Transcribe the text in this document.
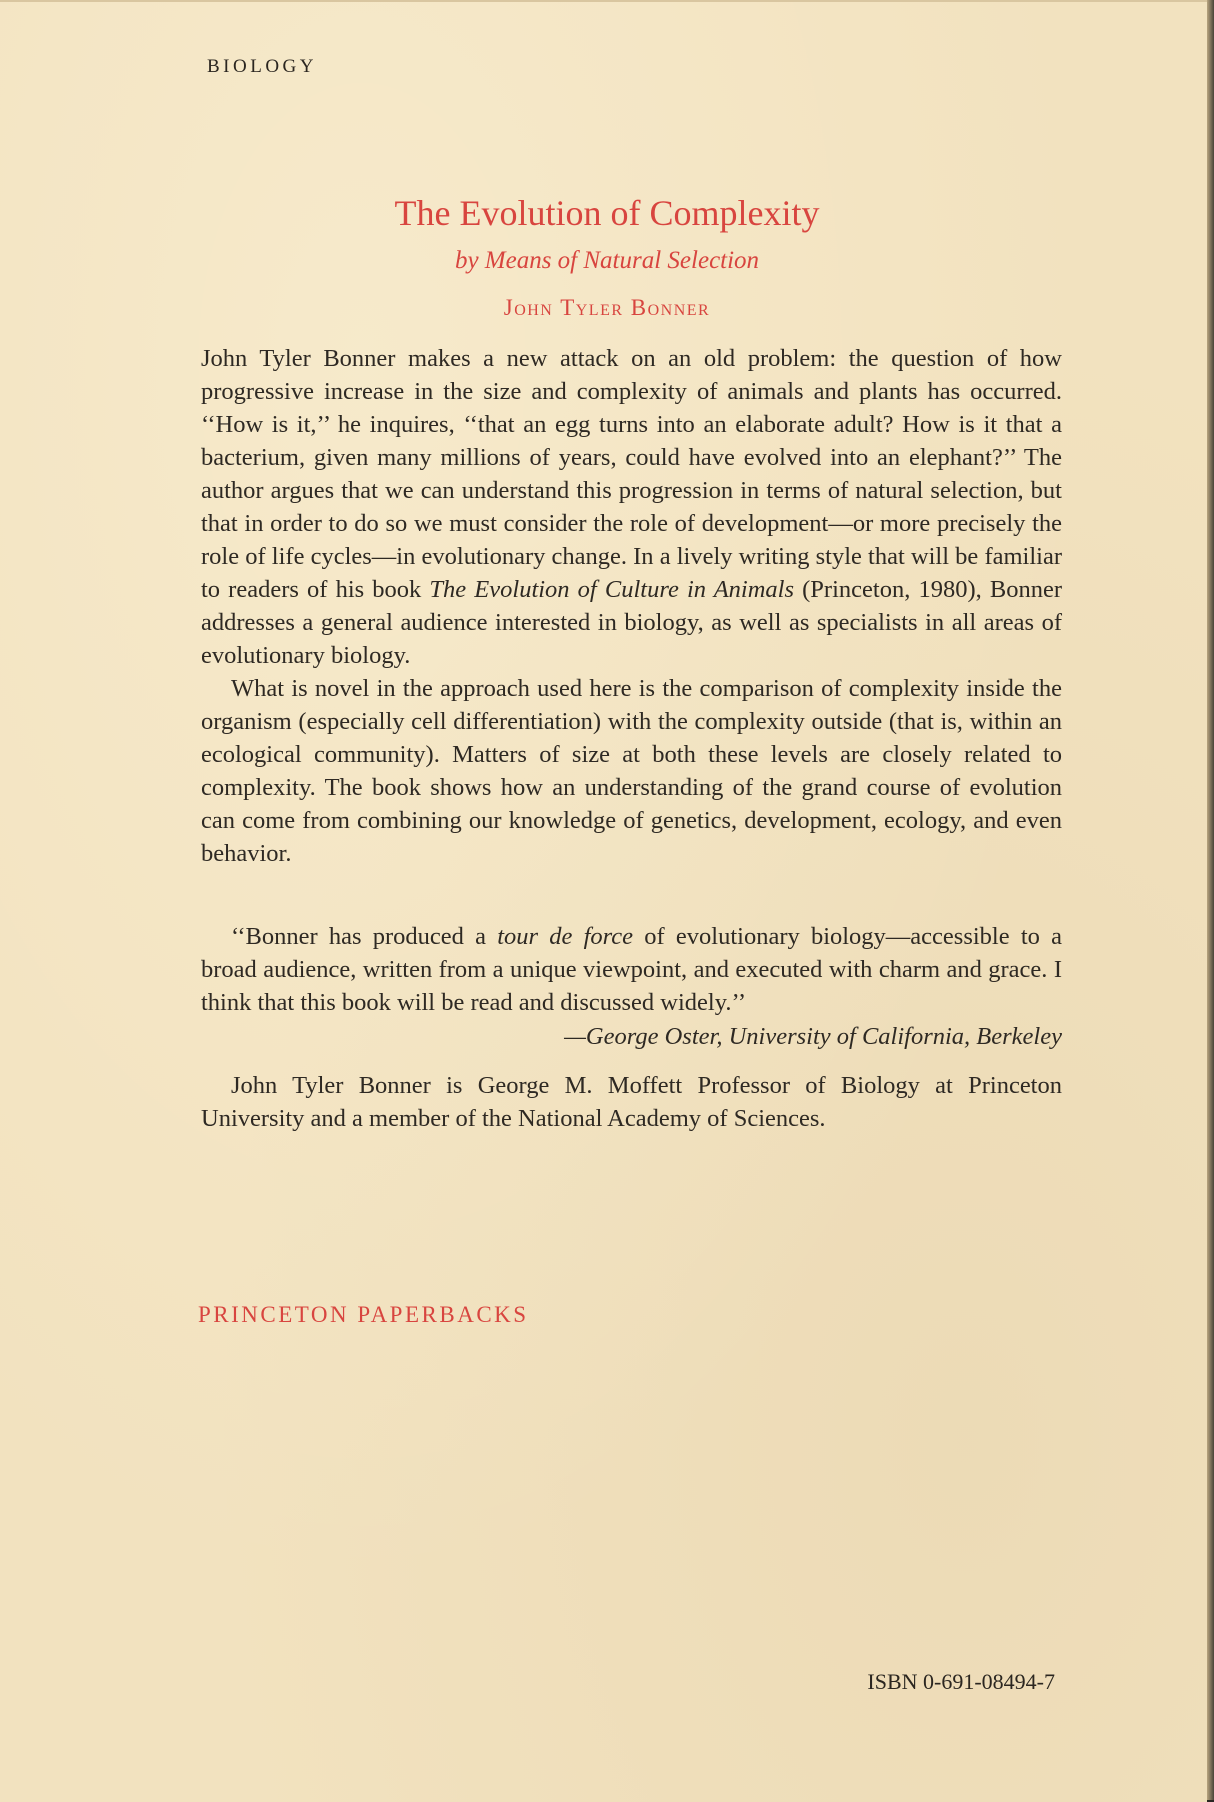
BIOLOGY
The Evolution of Complexity
by Means of Natural Selection
John Tyler Bonner

John Tyler Bonner makes a new attack on an old problem: the question of how progressive increase in the size and complexity of animals and plants has occurred. ‘‘How is it,’’ he inquires, ‘‘that an egg turns into an elaborate adult? How is it that a bacterium, given many millions of years, could have evolved into an elephant?’’ The author argues that we can understand this progression in terms of natural selection, but that in order to do so we must consider the role of development—or more precisely the role of life cycles—in evolutionary change. In a lively writing style that will be familiar to readers of his book The Evolution of Culture in Animals (Princeton, 1980), Bonner addresses a general audience interested in biology, as well as specialists in all areas of evolutionary biology.

What is novel in the approach used here is the comparison of complexity inside the organism (especially cell differentiation) with the complexity outside (that is, within an ecological community). Matters of size at both these levels are closely related to complexity. The book shows how an understanding of the grand course of evolution can come from combining our knowledge of genetics, development, ecology, and even behavior.

‘‘Bonner has produced a tour de force of evolutionary biology—accessible to a broad audience, written from a unique viewpoint, and executed with charm and grace. I think that this book will be read and discussed widely.’’

—George Oster, University of California, Berkeley

John Tyler Bonner is George M. Moffett Professor of Biology at Princeton University and a member of the National Academy of Sciences.

PRINCETON PAPERBACKS
ISBN 0-691-08494-7
